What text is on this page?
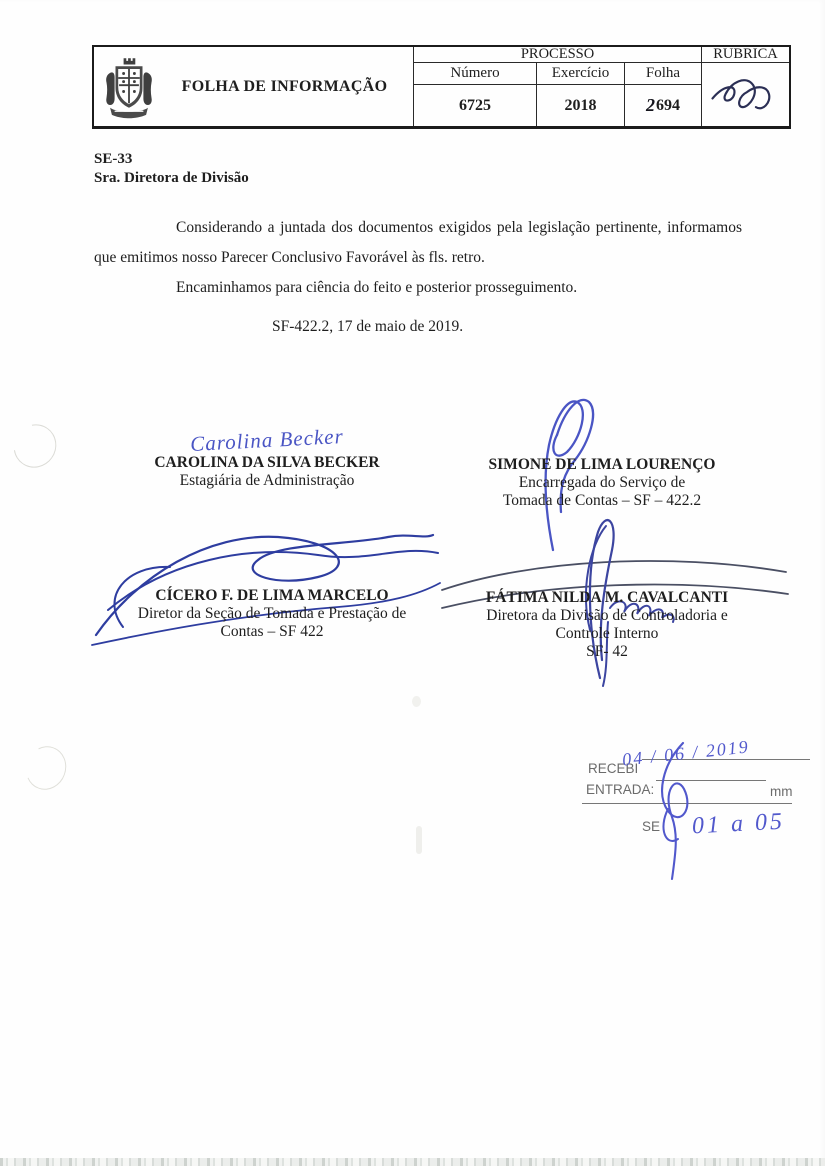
FOLHA DE INFORMAÇÃO
PROCESSO
Número
6725
Exercício
2018
Folha
2 694
RUBRICA
SE-33
Sra. Diretora de Divisão
Considerando a juntada dos documentos exigidos pela legislação pertinente, informamos que emitimos nosso Parecer Conclusivo Favorável às fls. retro.
Encaminhamos para ciência do feito e posterior prosseguimento.
SF-422.2, 17 de maio de 2019.
Carolina Becker
CAROLINA DA SILVA BECKER
Estagiária de Administração
SIMONE DE LIMA LOURENÇO
Encarregada do Serviço de
Tomada de Contas – SF – 422.2
CÍCERO F. DE LIMA MARCELO
Diretor da Seção de Tomada e Prestação de
Contas – SF 422
FÁTIMA NILDA M. CAVALCANTI
Diretora da Divisão de Controladoria e
Controle Interno
SF- 42
RECEBI
04 / 06 / 2019
ENTRADA:	mm
SE 01 a 05
